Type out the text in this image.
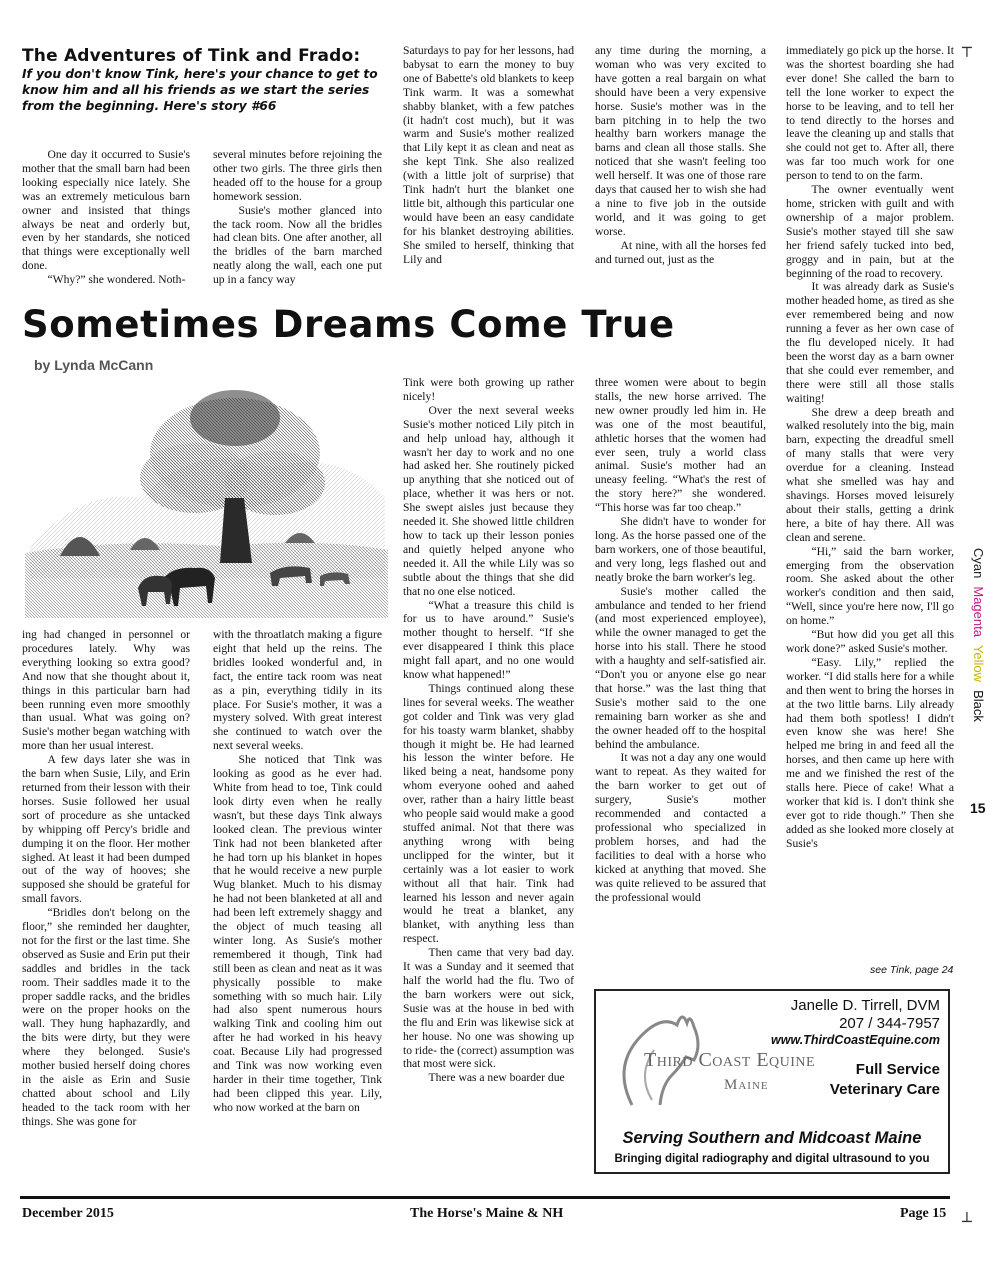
The Adventures of Tink and Frado:
If you don't know Tink, here's your chance to get to know him and all his friends as we start the series from the beginning. Here's story #66

One day it occurred to Susie's mother that the small barn had been looking especially nice lately. She was an extremely meticulous barn owner and insisted that things always be neat and orderly but, even by her standards, she noticed that things were exceptionally well done.

“Why?” she wondered. Noth-

several minutes before rejoining the other two girls. The three girls then headed off to the house for a group homework session.

Susie's mother glanced into the tack room. Now all the bridles had clean bits. One after another, all the bridles of the barn marched neatly along the wall, each one put up in a fancy way

Saturdays to pay for her lessons, had babysat to earn the money to buy one of Babette's old blankets to keep Tink warm. It was a somewhat shabby blanket, with a few patches (it hadn't cost much), but it was warm and Susie's mother realized that Lily kept it as clean and neat as she kept Tink. She also realized (with a little jolt of surprise) that Tink hadn't hurt the blanket one little bit, although this particular one would have been an easy candidate for his blanket destroying abilities. She smiled to herself, thinking that Lily and

any time during the morning, a woman who was very excited to have gotten a real bargain on what should have been a very expensive horse. Susie's mother was in the barn pitching in to help the two healthy barn workers manage the barns and clean all those stalls. She noticed that she wasn't feeling too well herself. It was one of those rare days that caused her to wish she had a nine to five job in the outside world, and it was going to get worse.

At nine, with all the horses fed and turned out, just as the

immediately go pick up the horse. It was the shortest boarding she had ever done! She called the barn to tell the lone worker to expect the horse to be leaving, and to tell her to tend directly to the horses and leave the cleaning up and stalls that she could not get to. After all, there was far too much work for one person to tend to on the farm.

The owner eventually went home, stricken with guilt and with ownership of a major problem. Susie's mother stayed till she saw her friend safely tucked into bed, groggy and in pain, but at the beginning of the road to recovery.

It was already dark as Susie's mother headed home, as tired as she ever remembered being and now running a fever as her own case of the flu developed nicely. It had been the worst day as a barn owner that she could ever remember, and there were still all those stalls waiting!

She drew a deep breath and walked resolutely into the big, main barn, expecting the dreadful smell of many stalls that were very overdue for a cleaning. Instead what she smelled was hay and shavings. Horses moved leisurely about their stalls, getting a drink here, a bite of hay there. All was clean and serene.

“Hi,” said the barn worker, emerging from the observation room. She asked about the other worker's condition and then said, “Well, since you're here now, I'll go on home.”

“But how did you get all this work done?” asked Susie's mother.

“Easy. Lily,” replied the worker. “I did stalls here for a while and then went to bring the horses in at the two little barns. Lily already had them both spotless! I didn't even know she was here! She helped me bring in and feed all the horses, and then came up here with me and we finished the rest of the stalls here. Piece of cake! What a worker that kid is. I don't think she ever got to ride though.” Then she added as she looked more closely at Susie's

Sometimes Dreams Come True
by Lynda McCann

ing had changed in personnel or procedures lately. Why was everything looking so extra good? And now that she thought about it, things in this particular barn had been running even more smoothly than usual. What was going on? Susie's mother began watching with more than her usual interest.

A few days later she was in the barn when Susie, Lily, and Erin returned from their lesson with their horses. Susie followed her usual sort of procedure as she untacked by whipping off Percy's bridle and dumping it on the floor. Her mother sighed. At least it had been dumped out of the way of hooves; she supposed she should be grateful for small favors.

“Bridles don't belong on the floor,” she reminded her daughter, not for the first or the last time. She observed as Susie and Erin put their saddles and bridles in the tack room. Their saddles made it to the proper saddle racks, and the bridles were on the proper hooks on the wall. They hung haphazardly, and the bits were dirty, but they were where they belonged. Susie's mother busied herself doing chores in the aisle as Erin and Susie chatted about school and Lily headed to the tack room with her things. She was gone for

with the throatlatch making a figure eight that held up the reins. The bridles looked wonderful and, in fact, the entire tack room was neat as a pin, everything tidily in its place. For Susie's mother, it was a mystery solved. With great interest she continued to watch over the next several weeks.

She noticed that Tink was looking as good as he ever had. White from head to toe, Tink could look dirty even when he really wasn't, but these days Tink always looked clean. The previous winter Tink had not been blanketed after he had torn up his blanket in hopes that he would receive a new purple Wug blanket. Much to his dismay he had not been blanketed at all and had been left extremely shaggy and the object of much teasing all winter long. As Susie's mother remembered it though, Tink had still been as clean and neat as it was physically possible to make something with so much hair. Lily had also spent numerous hours walking Tink and cooling him out after he had worked in his heavy coat. Because Lily had progressed and Tink was now working even harder in their time together, Tink had been clipped this year. Lily, who now worked at the barn on

Tink were both growing up rather nicely!

Over the next several weeks Susie's mother noticed Lily pitch in and help unload hay, although it wasn't her day to work and no one had asked her. She routinely picked up anything that she noticed out of place, whether it was hers or not. She swept aisles just because they needed it. She showed little children how to tack up their lesson ponies and quietly helped anyone who needed it. All the while Lily was so subtle about the things that she did that no one else noticed.

“What a treasure this child is for us to have around.” Susie's mother thought to herself. “If she ever disappeared I think this place might fall apart, and no one would know what happened!”

Things continued along these lines for several weeks. The weather got colder and Tink was very glad for his toasty warm blanket, shabby though it might be. He had learned his lesson the winter before. He liked being a neat, handsome pony whom everyone oohed and aahed over, rather than a hairy little beast who people said would make a good stuffed animal. Not that there was anything wrong with being unclipped for the winter, but it certainly was a lot easier to work without all that hair. Tink had learned his lesson and never again would he treat a blanket, any blanket, with anything less than respect.

Then came that very bad day. It was a Sunday and it seemed that half the world had the flu. Two of the barn workers were out sick, Susie was at the house in bed with the flu and Erin was likewise sick at her house. No one was showing up to ride- the (correct) assumption was that most were sick.

There was a new boarder due

three women were about to begin stalls, the new horse arrived. The new owner proudly led him in. He was one of the most beautiful, athletic horses that the women had ever seen, truly a world class animal. Susie's mother had an uneasy feeling. “What's the rest of the story here?” she wondered. “This horse was far too cheap.”

She didn't have to wonder for long. As the horse passed one of the barn workers, one of those beautiful, and very long, legs flashed out and neatly broke the barn worker's leg.

Susie's mother called the ambulance and tended to her friend (and most experienced employee), while the owner managed to get the horse into his stall. There he stood with a haughty and self-satisfied air. “Don't you or anyone else go near that horse.” was the last thing that Susie's mother said to the one remaining barn worker as she and the owner headed off to the hospital behind the ambulance.

It was not a day any one would want to repeat. As they waited for the barn worker to get out of surgery, Susie's mother recommended and contacted a professional who specialized in problem horses, and had the facilities to deal with a horse who kicked at anything that moved. She was quite relieved to be assured that the professional would

see Tink, page 24
Third Coast Equine
Maine
Janelle D. Tirrell, DVM
207 / 344-7957
www.ThirdCoastEquine.com
Full Service
Veterinary Care
Serving Southern and Midcoast Maine
Bringing digital radiography and digital ultrasound to you
┬
┴
CyanMagentaYellowBlack
15
December 2015	The Horse's Maine & NH	Page 15
